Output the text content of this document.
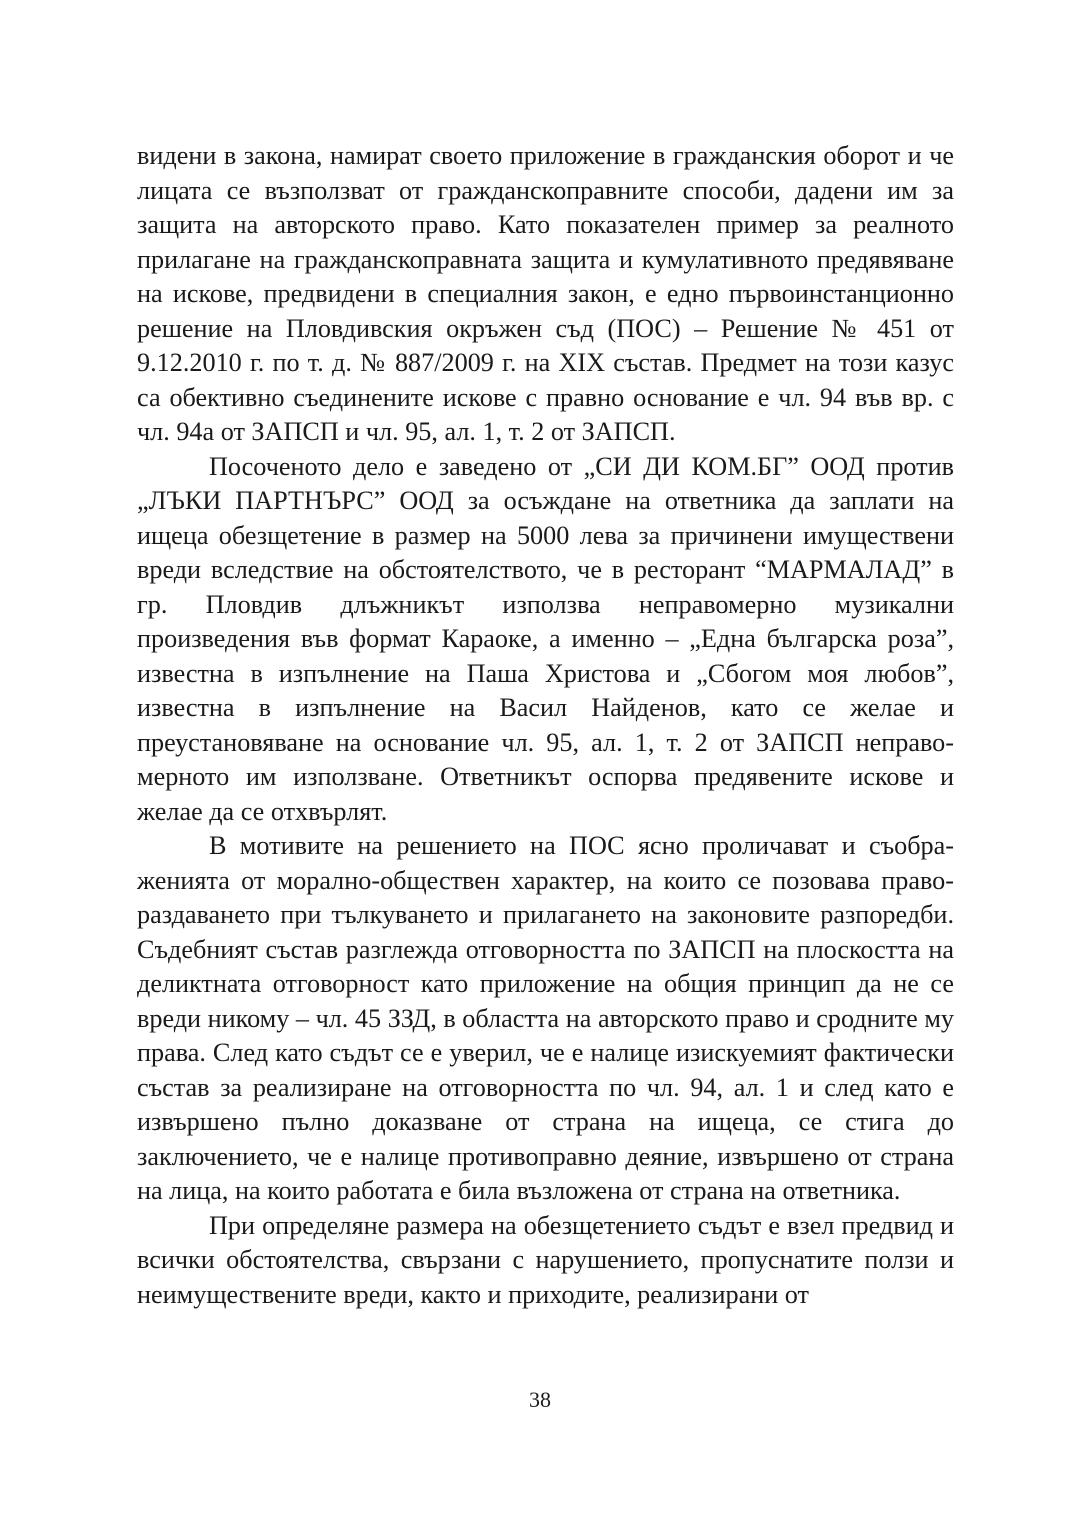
видени в закона, намират своето приложение в гражданския оборот и че лицата се възползват от гражданскоправните способи, дадени им за защита на авторското право. Като показателен пример за реалното прилагане на гражданскоправната защита и кумулативното предявяване на искове, предвидени в специалния закон, е едно първоинстанционно решение на Пловдивския окръжен съд (ПОС) – Решение № 451 от 9.12.2010 г. по т. д. № 887/2009 г. на XIX състав. Предмет на този казус са обективно съединените искове с правно основание е чл. 94 във вр. с чл. 94а от ЗАПСП и чл. 95, ал. 1, т. 2 от ЗАПСП.

Посоченото дело е заведено от „СИ ДИ КОМ.БГ” ООД против „ЛЪКИ ПАРТНЪРС” ООД за осъждане на ответника да заплати на ищеца обезщетение в размер на 5000 лева за причинени имуществени вреди вследствие на обстоятелството, че в ресторант “МАРМАЛАД” в гр. Пловдив длъжникът използва неправомерно музикални произведения във формат Караоке, а именно – „Една българска роза”, известна в изпълнение на Паша Христова и „Сбогом моя любов”, известна в изпълнение на Васил Найденов, като се желае и преустановяване на основание чл. 95, ал. 1, т. 2 от ЗАПСП неправомерното им използване. Ответникът оспорва предявените искове и желае да се отхвърлят.

В мотивите на решението на ПОС ясно проличават и съображенията от морално-обществен характер, на които се позовава правораздаването при тълкуването и прилагането на законовите разпоредби. Съдебният състав разглежда отговорността по ЗАПСП на плоскостта на деликтната отговорност като приложение на общия принцип да не се вреди никому – чл. 45 ЗЗД, в областта на авторското право и сродните му права. След като съдът се е уверил, че е налице изискуемият фактически състав за реализиране на отговорността по чл. 94, ал. 1 и след като е извършено пълно доказване от страна на ищеца, се стига до заключението, че е налице противоправно деяние, извършено от страна на лица, на които работата е била възложена от страна на ответника.

При определяне размера на обезщетението съдът е взел предвид и всички обстоятелства, свързани с нарушението, пропуснатите ползи и неимуществените вреди, както и приходите, реализирани от

38
